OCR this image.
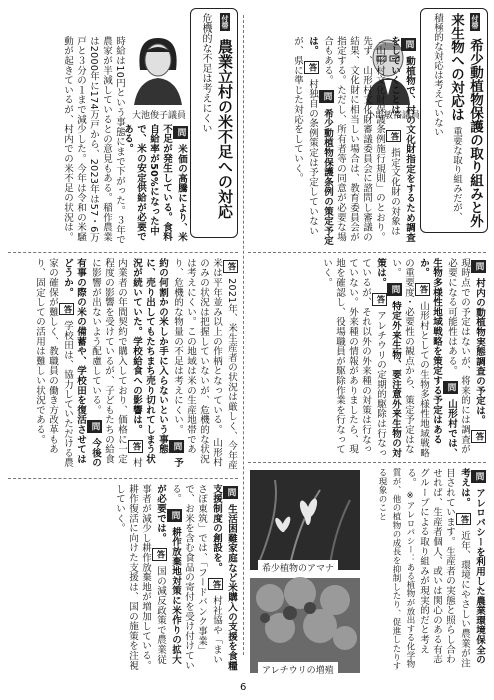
付帯 希少動植物保護の取り組みと外来生物への対応は 重要な取り組みだが、積極的な対応は考えていない
小出敏裕議員
問 動植物で、村の文化財指定をするため調査をしていくことは。 答 指定文化財の対象は「山形村文化財保護条例施行規則」のとおり。先ず、山形村文化財審議委員会に諮問し審議の結果、文化財に相当しい場合は、教育委員会が指定する。ただし、所有者等の同意が必要な場合もある。 問 希少動植物保護条例の策定予定は。 答 村独自の条例策定は予定していないが、県に準じた対応をしていく。
問 村内の動植物実態調査の予定は。 答 現時点での予定はないが、将来的には調査が必要になる可能性はある。 問 山形村では、生物多様性地域戦略を策定する予定はあるか。 答 山形村としての生物多様性地域戦略の重要度・必要性の観点から、策定予定はない。 問 特定外来生物、要注意外来生物の対策は。 答 アレチウリの定期的駆除は行なっているが、それ以外の外来種の対策は行なっていない。外来種の情報がありましたら、現地を確認し、役場職員が駆除作業を行なっていく。
問 アレロパシーを利用した農業環境保全の考えは。 答 近年、環境にやさしい農業が注目されています。生産者の実態と照らし合わせれば、生産者個人、或いは関心のある有志グループによる取り組みが現実的だと考える。 ※アレロパシー：ある植物が放出する化学物質が、他の植物の成長を抑制したり、促進したりする現象のこと
希少植物のアマナ
アレチウリの増殖
付帯 農業立村の米不足への対応 危機的な不足は考えにくい
大池俊子議員
時給は10円という事態にまで下がった。３年で農家が半減しているとの意見もある。稲作農業は2000年に174万戸から、2023年は57・6万戸と３分の１まで減少した。今年は令和の米騒動が起きているが、村内での米不足の状況は。	問 米価の高騰により、米不足が発生している。食料自給率が50%になった中で、米の安定供給が必要である。
答 2021年、米生産者の状況は厳しく、今年産米は平年並み以上の作柄となっている。 山形村のみの状況は把握していないが、危機的な状況は考えにくい。この地域は米の生産地帯であり、危機的な物量の不足は考えにくい。 問 予約の何割かの米しか手に入らないという事態に、売り出してもたちまち売り切れてしまう状況が続いていた。学校給食への影響は。 答 村内業者の年間契約で購入しており、価格に一定程度の影響を受けているが、子どもたちの給食に影響が出ないよう配慮している。 問 今後の有事の際の米の備蓄や、学校田を復活させてはどうか。 答 学校田は、協力していただける農家の確保が難しく、教職員の働き方改革もあり、固定しての活用は難しい状況である。
問 生活困難家庭など米購入の支援を食糧支援制度の創設を。 答 村社協や「まいさぽ東筑」では、「フードバンク事業」で、お米を含む食品の寄付を受け付けている。 問 耕作放棄地対策に米作りの拡大が必要では。 答 国の減反政策で農業従事者が減少し耕作放棄地が増加している。耕作復活に向けた支援は、国の施策を注視していく。
6
